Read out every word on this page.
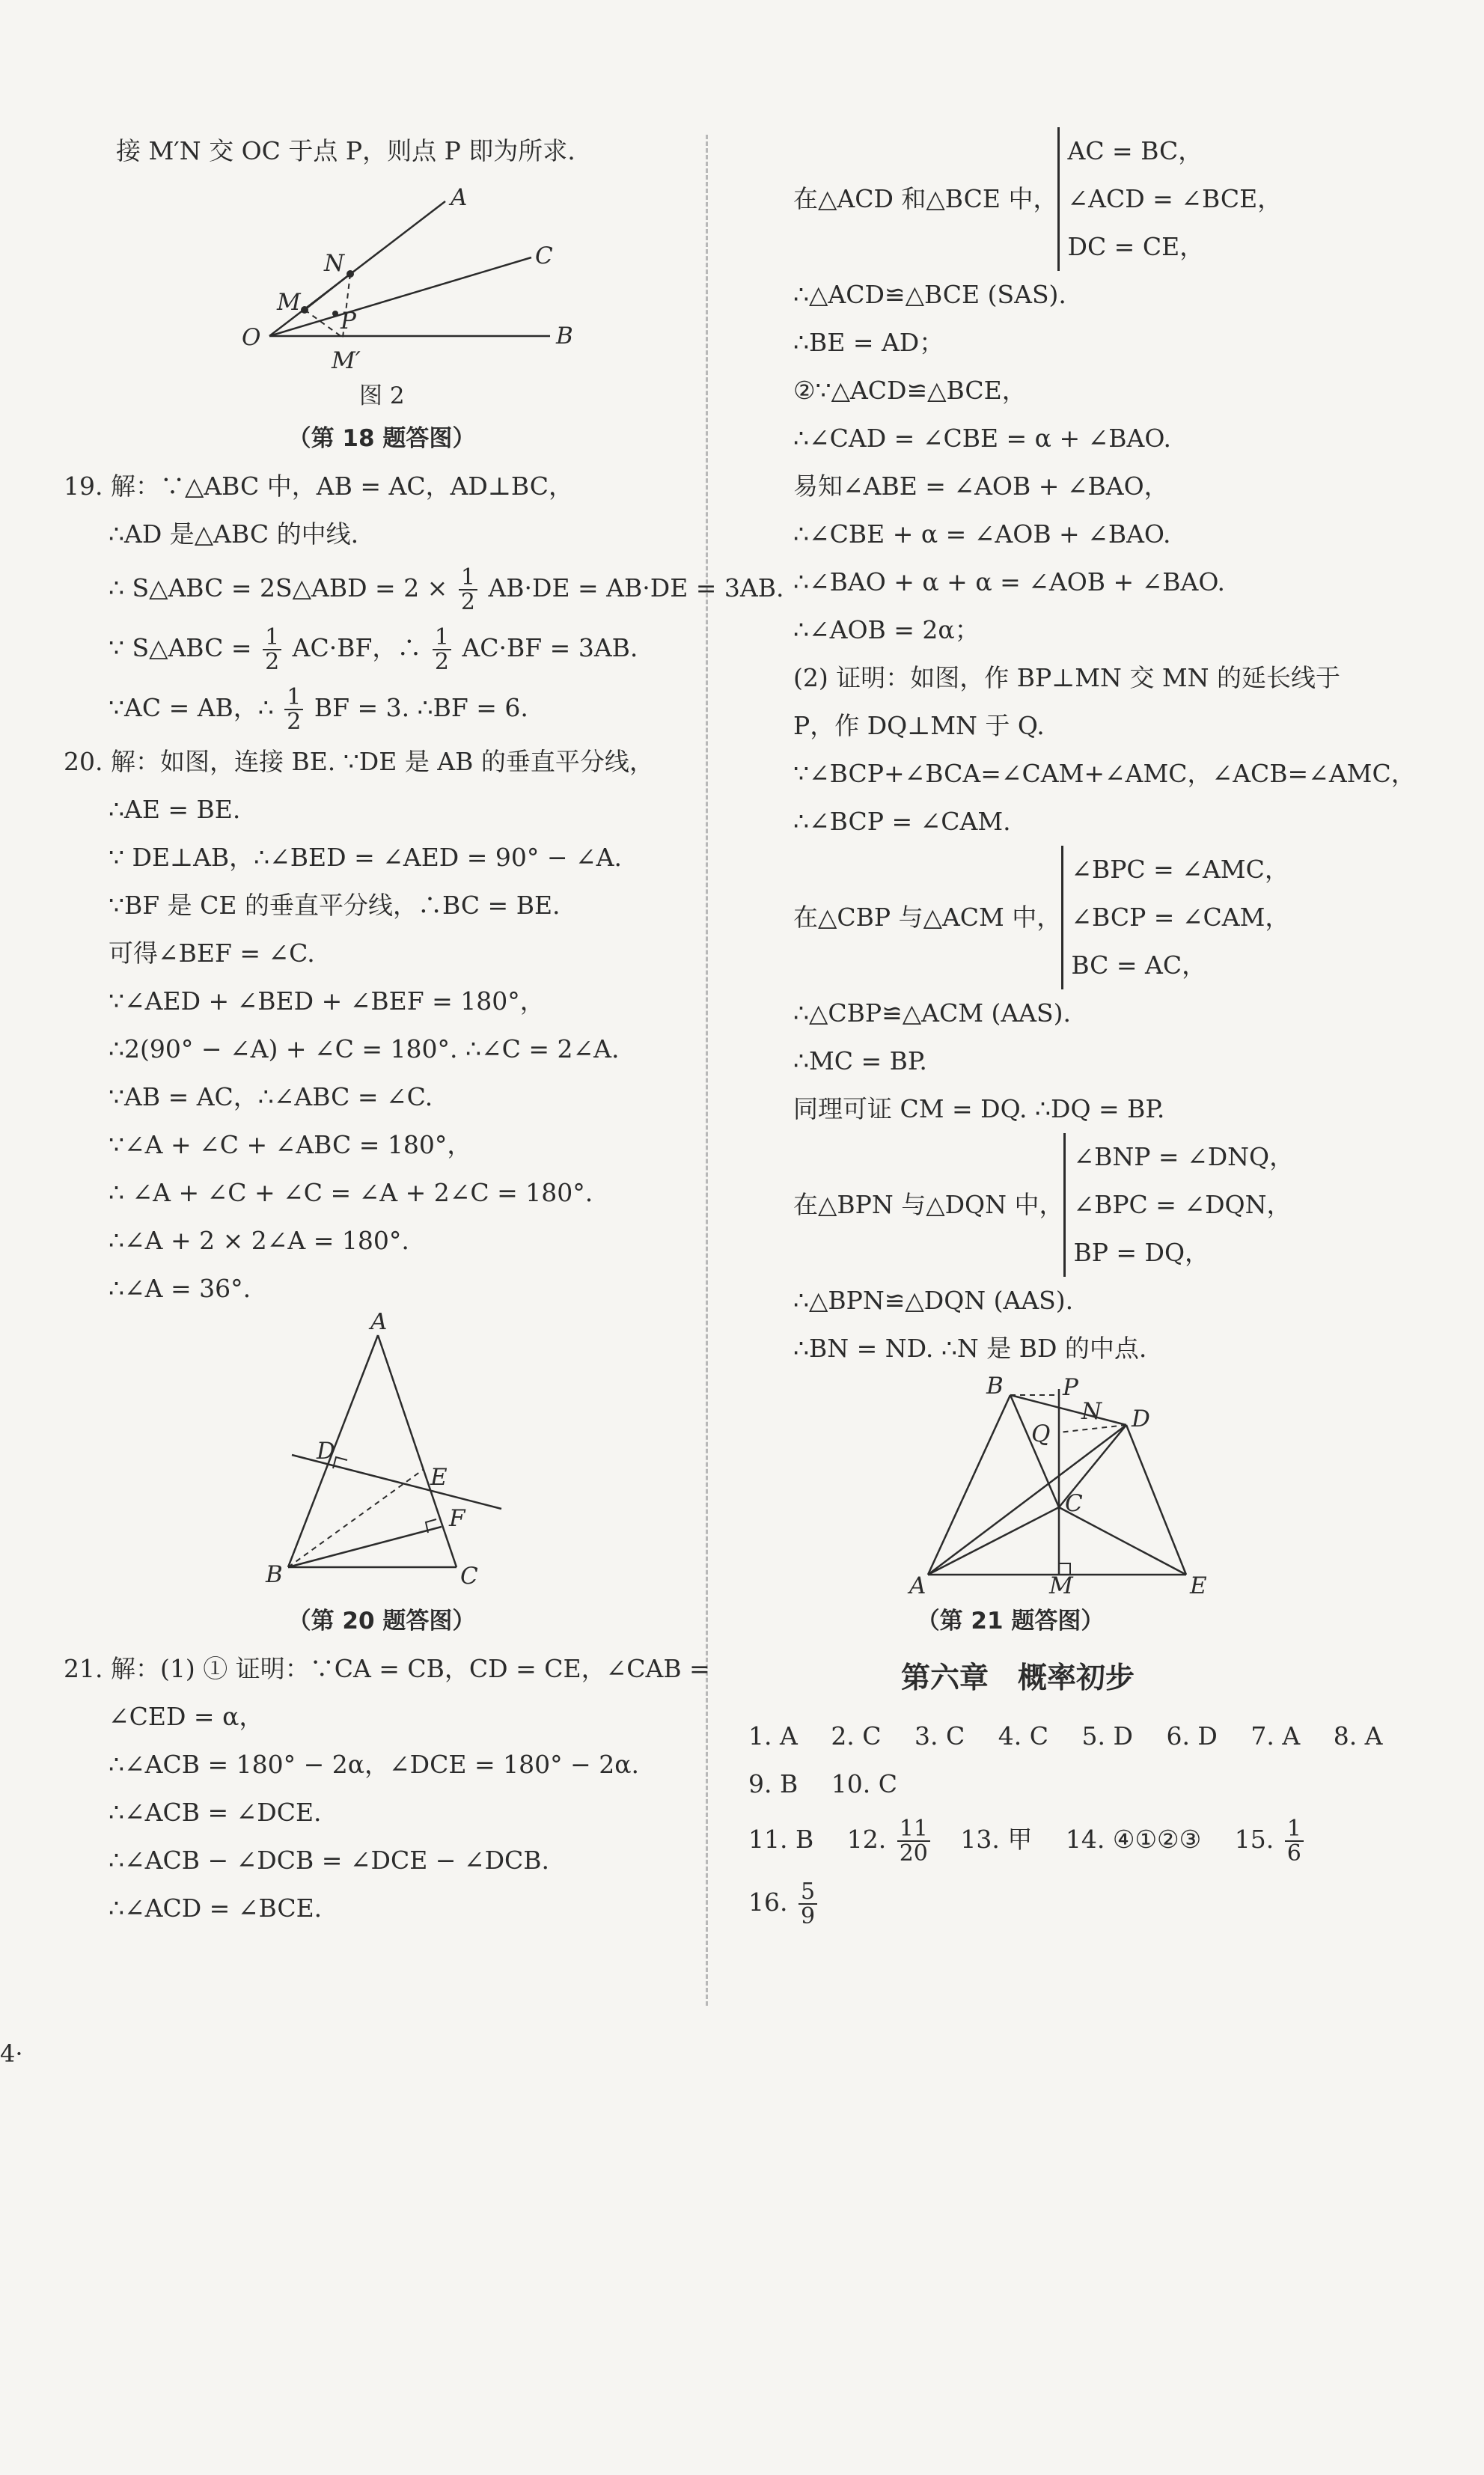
接 M′N 交 OC 于点 P，则点 P 即为所求.
A
N	C
M
P
O
M′
B
图 2
（第 18 题答图）
19. 解：∵△ABC 中，AB = AC，AD⊥BC，
∴AD 是△ABC 的中线.
∴ S△ABC = 2S△ABD = $2 \times \frac{1}{2} AB\cdot DE = AB\cdot DE = 3AB$.
∵ S△ABC = $\frac{1}{2} AC\cdot BF$，∴ $\frac{1}{2} AC\cdot BF = 3AB$.
∵AC = AB，∴ $\frac{1}{2}$ BF = 3. ∴BF = 6.
20. 解：如图，连接 BE. ∵DE 是 AB 的垂直平分线，
∴AE = BE.
∵ DE⊥AB，∴∠BED = ∠AED = 90° − ∠A.
∵BF 是 CE 的垂直平分线，∴BC = BE.
可得∠BEF = ∠C.
∵∠AED + ∠BED + ∠BEF = 180°，
∴2(90° − ∠A) + ∠C = 180°. ∴∠C = 2∠A.
∵AB = AC，∴∠ABC = ∠C.
∵∠A + ∠C + ∠ABC = 180°，
∴ ∠A + ∠C + ∠C = ∠A + 2∠C = 180°.
∴∠A + 2 × 2∠A = 180°.
∴∠A = 36°.
A
D
E
F
B	C
（第 20 题答图）
21. 解：(1) ① 证明：∵CA = CB，CD = CE，∠CAB =
∠CED = α，
∴∠ACB = 180° − 2α，∠DCE = 180° − 2α.
∴∠ACB = ∠DCE.
∴∠ACB − ∠DCB = ∠DCE − ∠DCB.
∴∠ACD = ∠BCE.
在△ACD 和△BCE 中，
AC = BC，
∠ACD = ∠BCE，
DC = CE，
∴△ACD≌△BCE (SAS).
∴BE = AD；
②∵△ACD≌△BCE，
∴∠CAD = ∠CBE = α + ∠BAO.
易知∠ABE = ∠AOB + ∠BAO，
∴∠CBE + α = ∠AOB + ∠BAO.
∴∠BAO + α + α = ∠AOB + ∠BAO.
∴∠AOB = 2α；
(2) 证明：如图，作 BP⊥MN 交 MN 的延长线于
P，作 DQ⊥MN 于 Q.
∵∠BCP+∠BCA=∠CAM+∠AMC，∠ACB=∠AMC，
∴∠BCP = ∠CAM.
在△CBP 与△ACM 中，
∠BPC = ∠AMC，
∠BCP = ∠CAM，
BC = AC，
∴△CBP≌△ACM (AAS).
∴MC = BP.
同理可证 CM = DQ. ∴DQ = BP.
在△BPN 与△DQN 中，
∠BNP = ∠DNQ，
∠BPC = ∠DQN，
BP = DQ，
∴△BPN≌△DQN (AAS).
∴BN = ND. ∴N 是 BD 的中点.
B	P
N D
Q
C
A	M	E
（第 21 题答图）
第六章　概率初步
1. A 2. C 3. C 4. C 5. D 6. D 7. A 8. A
9. B 10. C
11. B 12. $\frac{11}{20} 13$. 甲 14. ④①②③ 15. $\frac{1}{6}$
16. $\frac{5}{9}$
4·
